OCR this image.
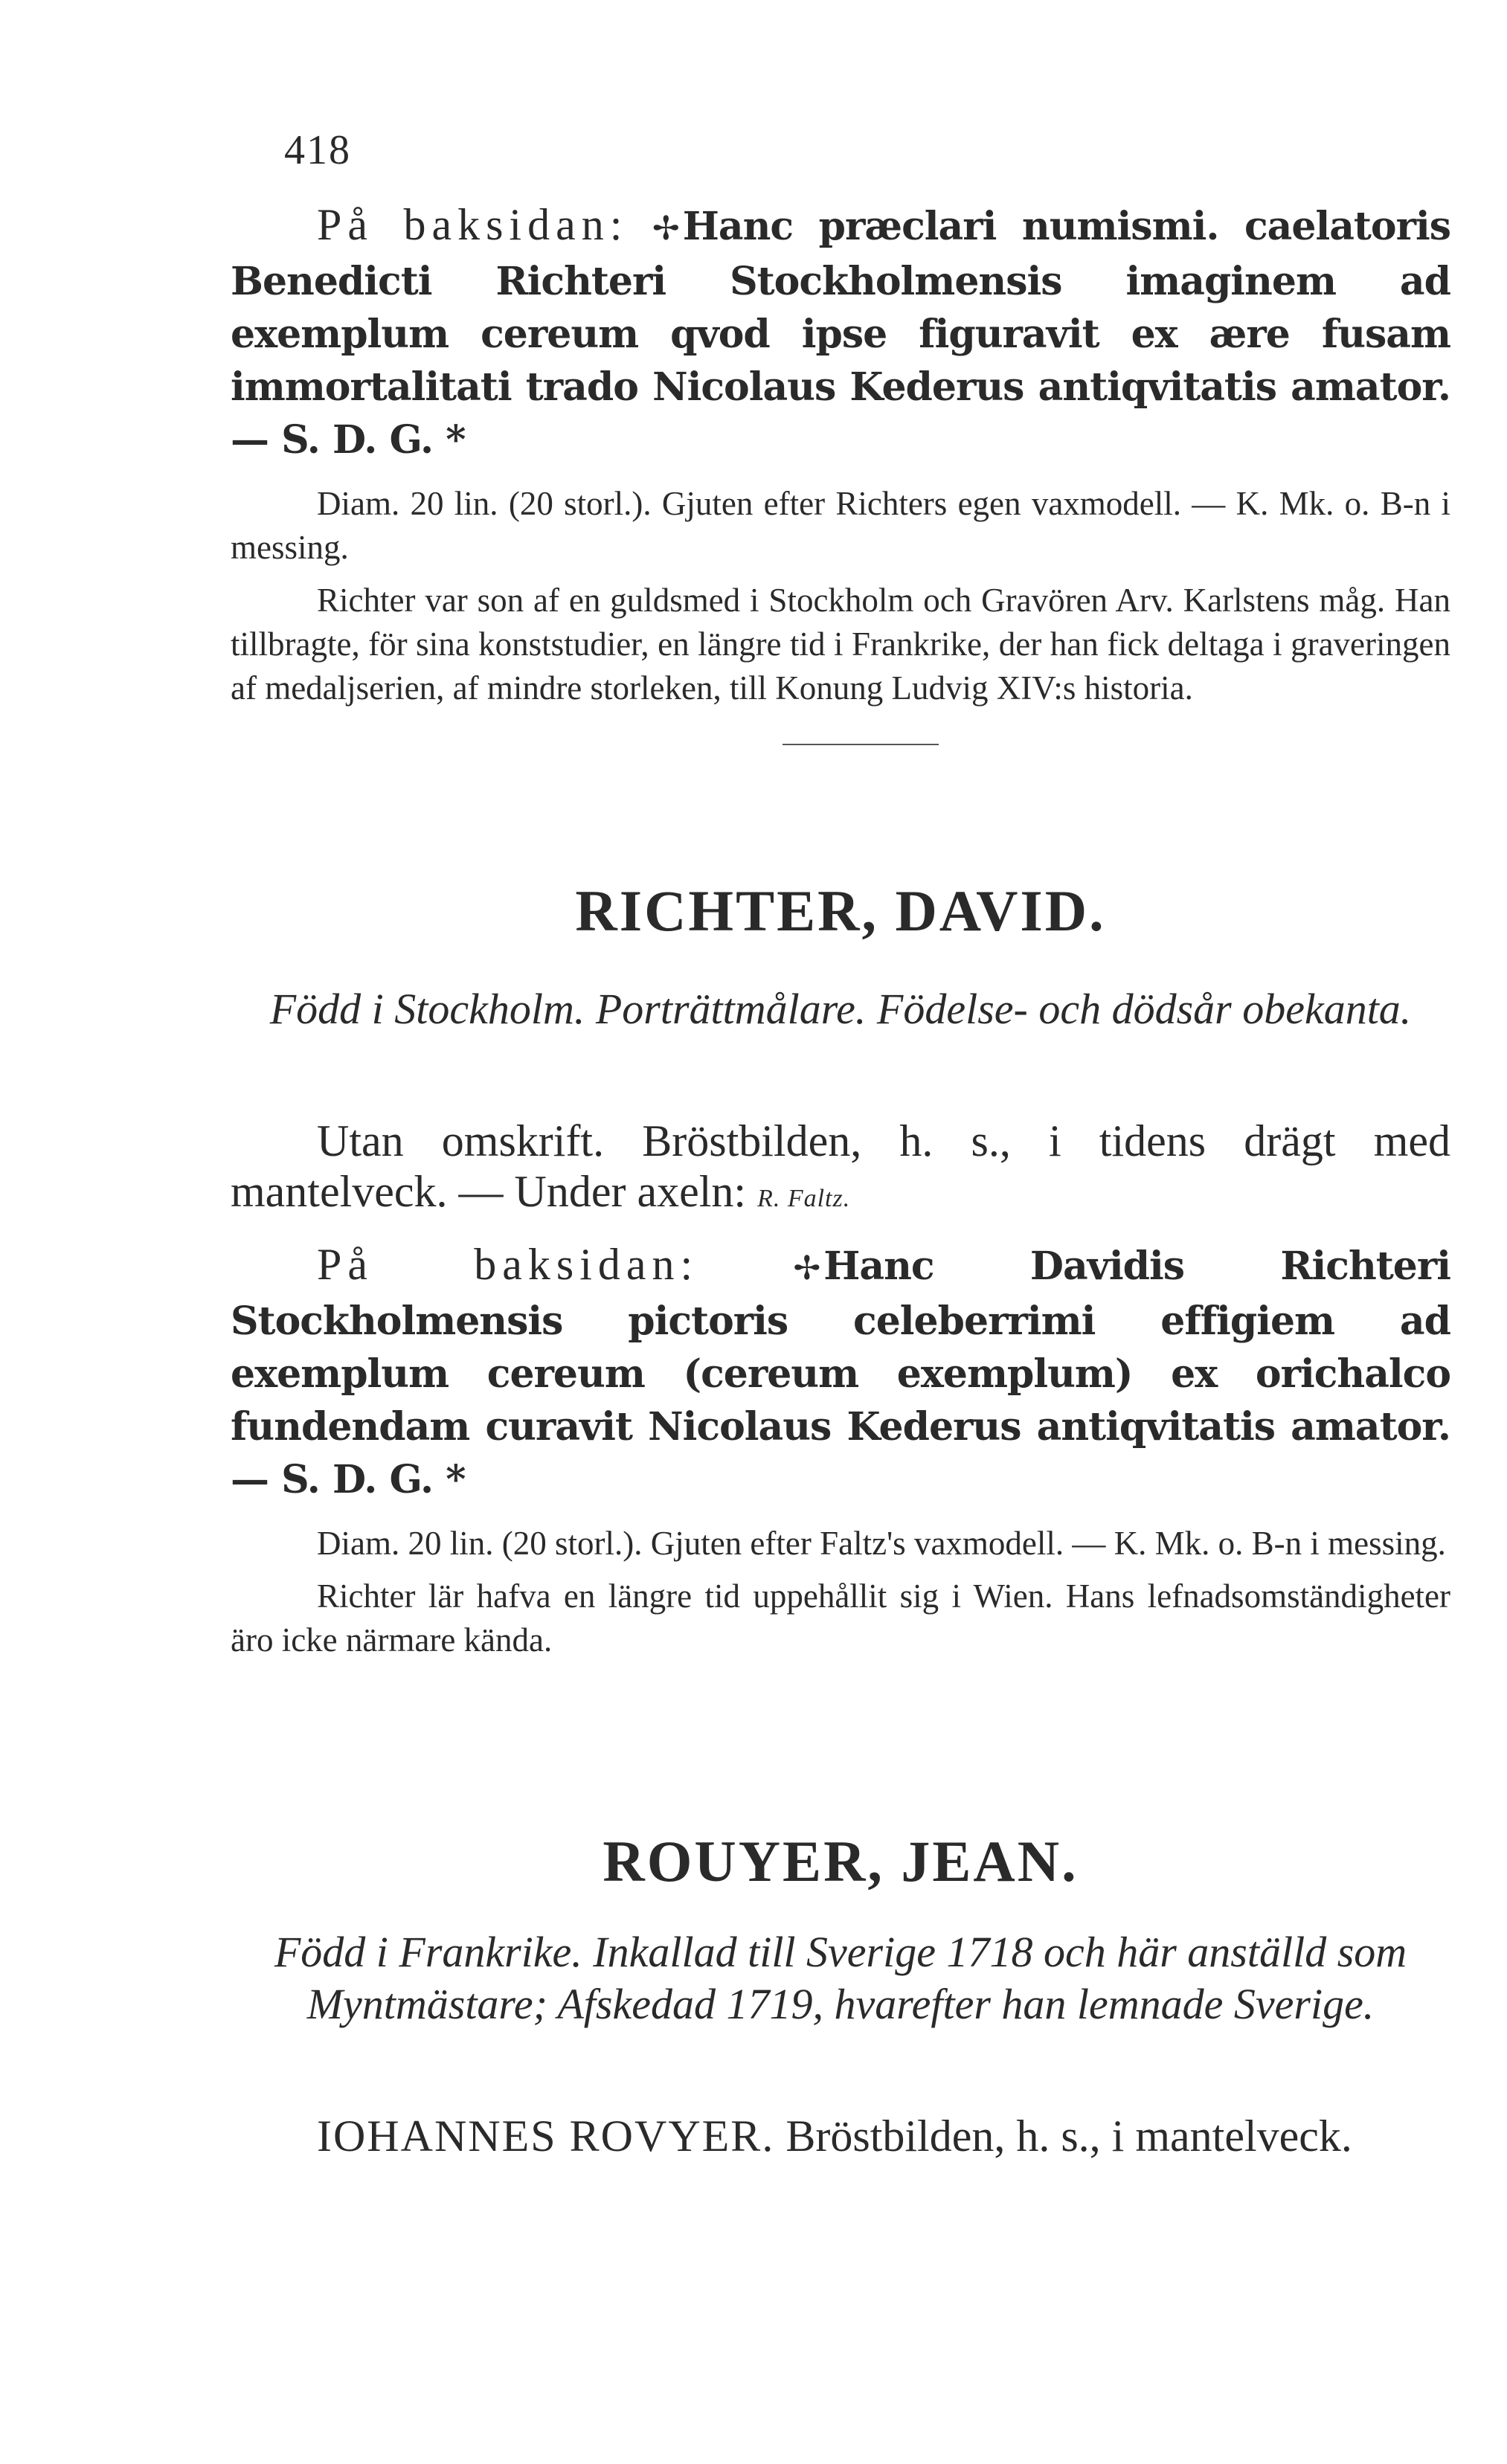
418

På baksidan: ✢Hanc præclari numismi. caelatoris Benedicti Richteri Stockholmensis imaginem ad exemplum cereum qvod ipse figuravit ex ære fusam immortalitati trado Nicolaus Kederus antiqvitatis amator. — S. D. G. *

Diam. 20 lin. (20 storl.). Gjuten efter Richters egen vaxmodell. — K. Mk. o. B-n i messing.

Richter var son af en guldsmed i Stockholm och Gravören Arv. Karlstens måg. Han tillbragte, för sina konststudier, en längre tid i Frankrike, der han fick deltaga i graveringen af medaljserien, af mindre storleken, till Konung Ludvig XIV:s historia.

RICHTER, DAVID.

Född i Stockholm. Porträttmålare. Födelse- och dödsår obekanta.

Utan omskrift. Bröstbilden, h. s., i tidens drägt med mantelveck. — Under axeln: R. Faltz.

På baksidan:	✢Hanc Davidis Richteri Stockholmensis pictoris celeberrimi effigiem ad exemplum cereum (cereum exemplum) ex orichalco fundendam curavit Nicolaus Kederus antiqvitatis amator. — S. D. G. *

Diam. 20 lin. (20 storl.). Gjuten efter Faltz's vaxmodell. — K. Mk. o. B-n i messing.

Richter lär hafva en längre tid uppehållit sig i Wien. Hans lefnadsomständigheter äro icke närmare kända.

ROUYER, JEAN.

Född i Frankrike. Inkallad till Sverige 1718 och här anställd som Myntmästare; Afskedad 1719, hvarefter han lemnade Sverige.

IOHANNES ROVYER. Bröstbilden, h. s., i mantelveck.
